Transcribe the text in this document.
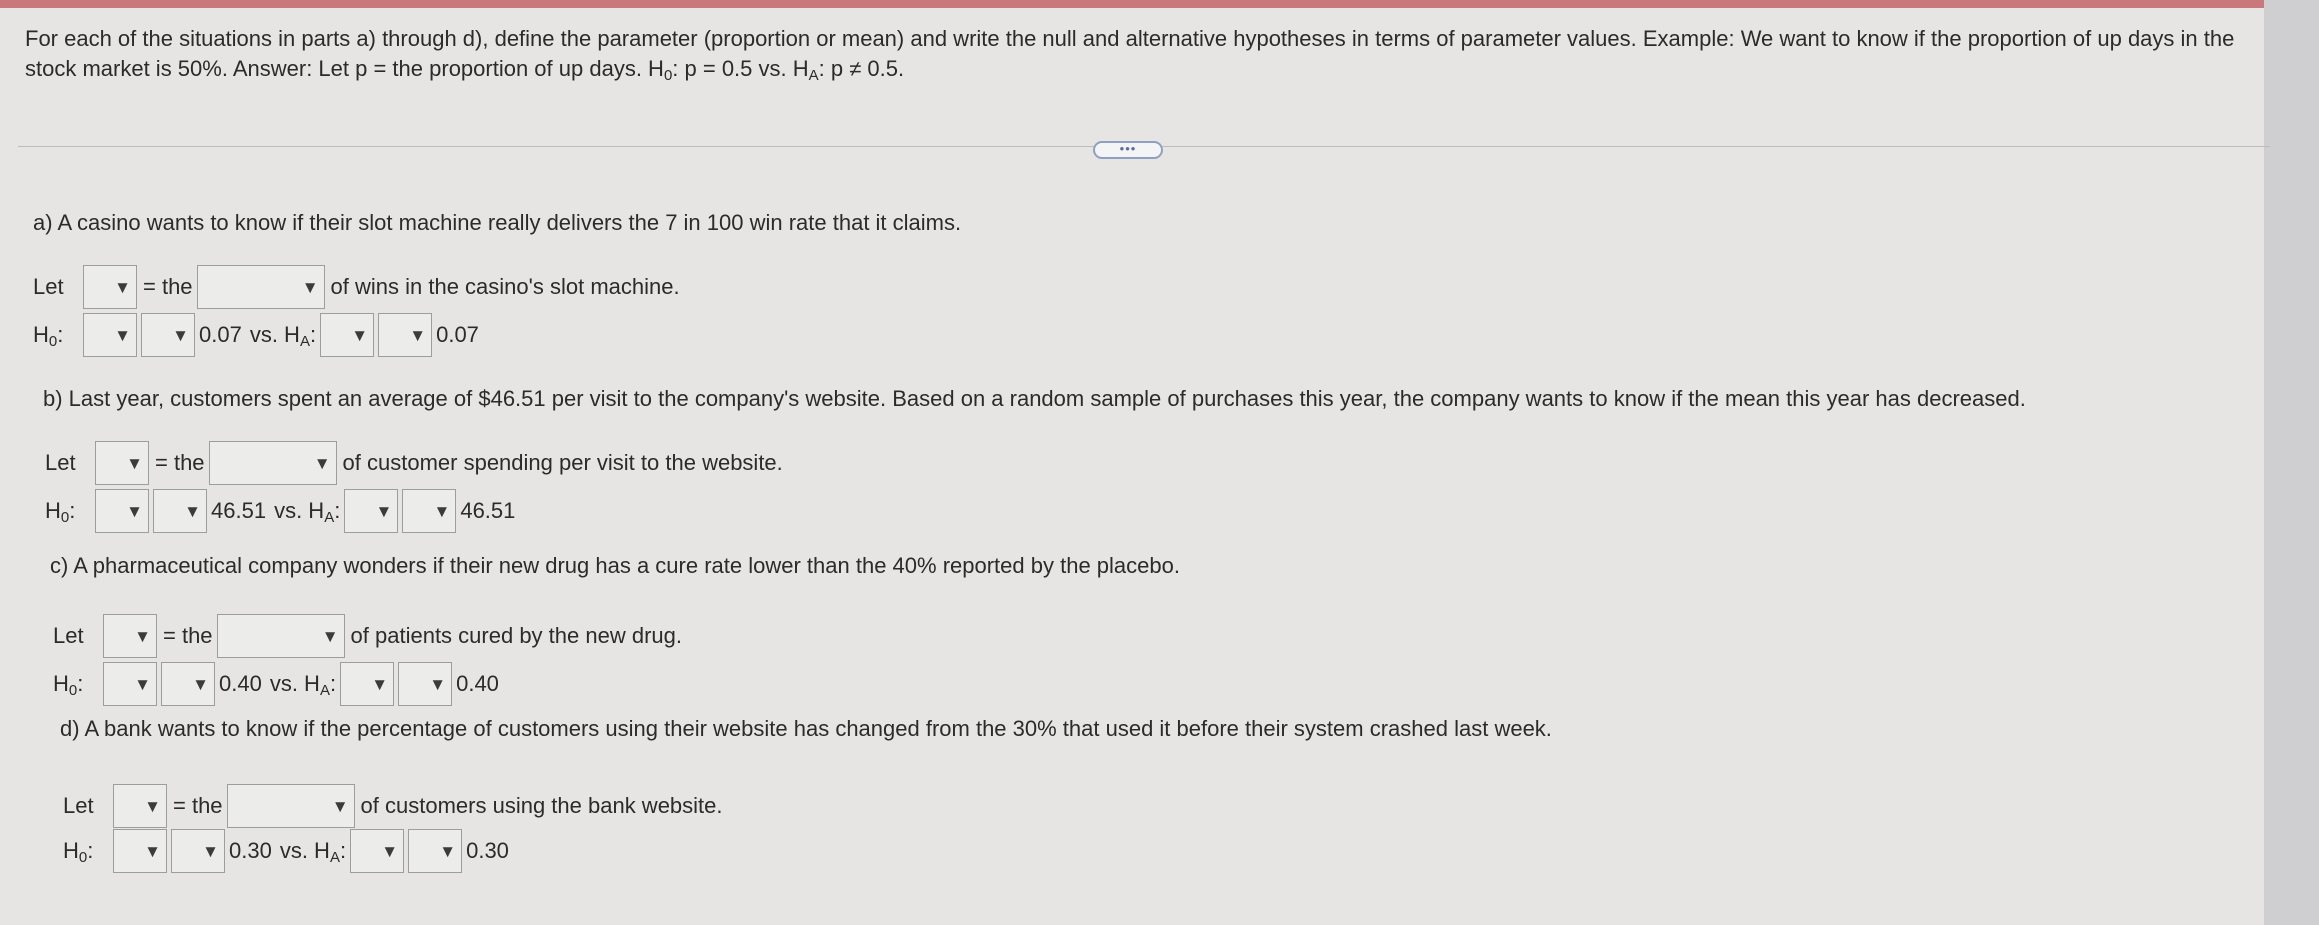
For each of the situations in parts a) through d), define the parameter (proportion or mean) and write the null and alternative hypotheses in terms of parameter values. Example: We want to know if the proportion of up days in the stock market is 50%. Answer: Let p = the proportion of up days. $H_0$: p = 0.5 vs. $H_A$: p ≠ 0.5.
•••
a) A casino wants to know if their slot machine really delivers the 7 in 100 win rate that it claims.
Let	▼ = the	▼ of wins in the casino's slot machine.
$H_0$:	▼ ▼ 0.07 vs. $H_A$: ▼ ▼ 0.07
b) Last year, customers spent an average of $46.51 per visit to the company's website. Based on a random sample of purchases this year, the company wants to know if the mean this year has decreased.
Let	▼ = the	▼ of customer spending per visit to the website.
$H_0$:	▼ ▼ 46.51 vs. $H_A$: ▼ ▼ 46.51
c) A pharmaceutical company wonders if their new drug has a cure rate lower than the 40% reported by the placebo.
Let	▼ = the	▼ of patients cured by the new drug.
$H_0$:	▼ ▼ 0.40 vs. $H_A$: ▼ ▼ 0.40
d) A bank wants to know if the percentage of customers using their website has changed from the 30% that used it before their system crashed last week.
Let	▼ = the	▼ of customers using the bank website.
$H_0$:	▼ ▼ 0.30 vs. $H_A$: ▼ ▼ 0.30
